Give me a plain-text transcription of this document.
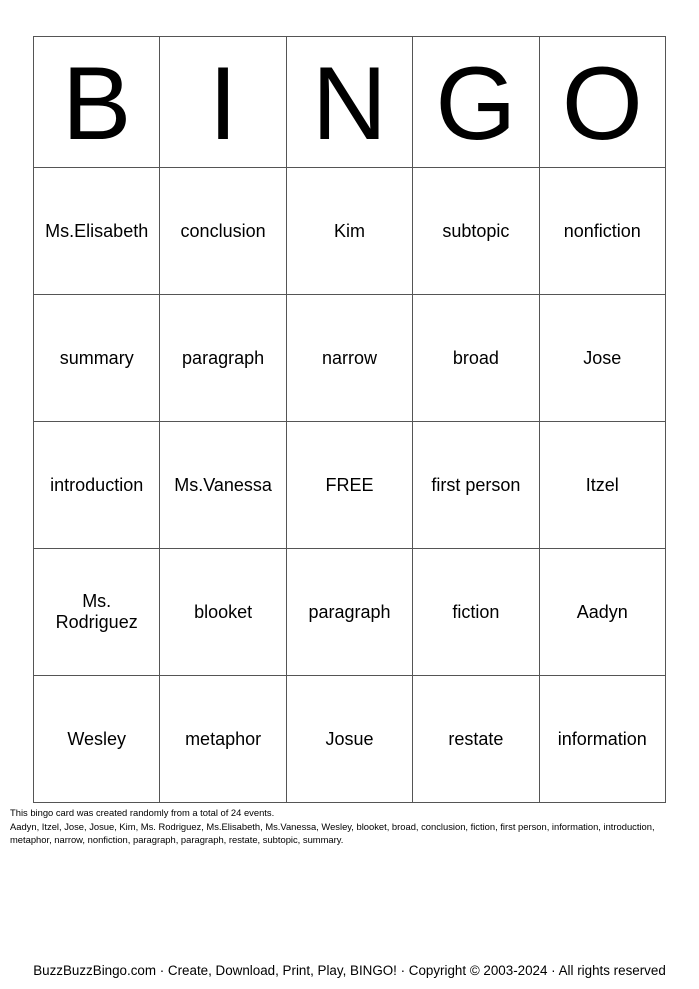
B	I	N	G	O
Ms.Elisabeth	conclusion	Kim	subtopic	nonfiction
summary	paragraph	narrow	broad	Jose
introduction	Ms.Vanessa	FREE	first person	Itzel
Ms. Rodriguez	blooket	paragraph	fiction	Aadyn
Wesley	metaphor	Josue	restate	information

This bingo card was created randomly from a total of 24 events.

Aadyn, Itzel, Jose, Josue, Kim, Ms. Rodriguez, Ms.Elisabeth, Ms.Vanessa, Wesley, blooket, broad, conclusion, fiction, first person, information, introduction, metaphor, narrow, nonfiction, paragraph, paragraph, restate, subtopic, summary.

BuzzBuzzBingo.com · Create, Download, Print, Play, BINGO! · Copyright © 2003-2024 · All rights reserved
